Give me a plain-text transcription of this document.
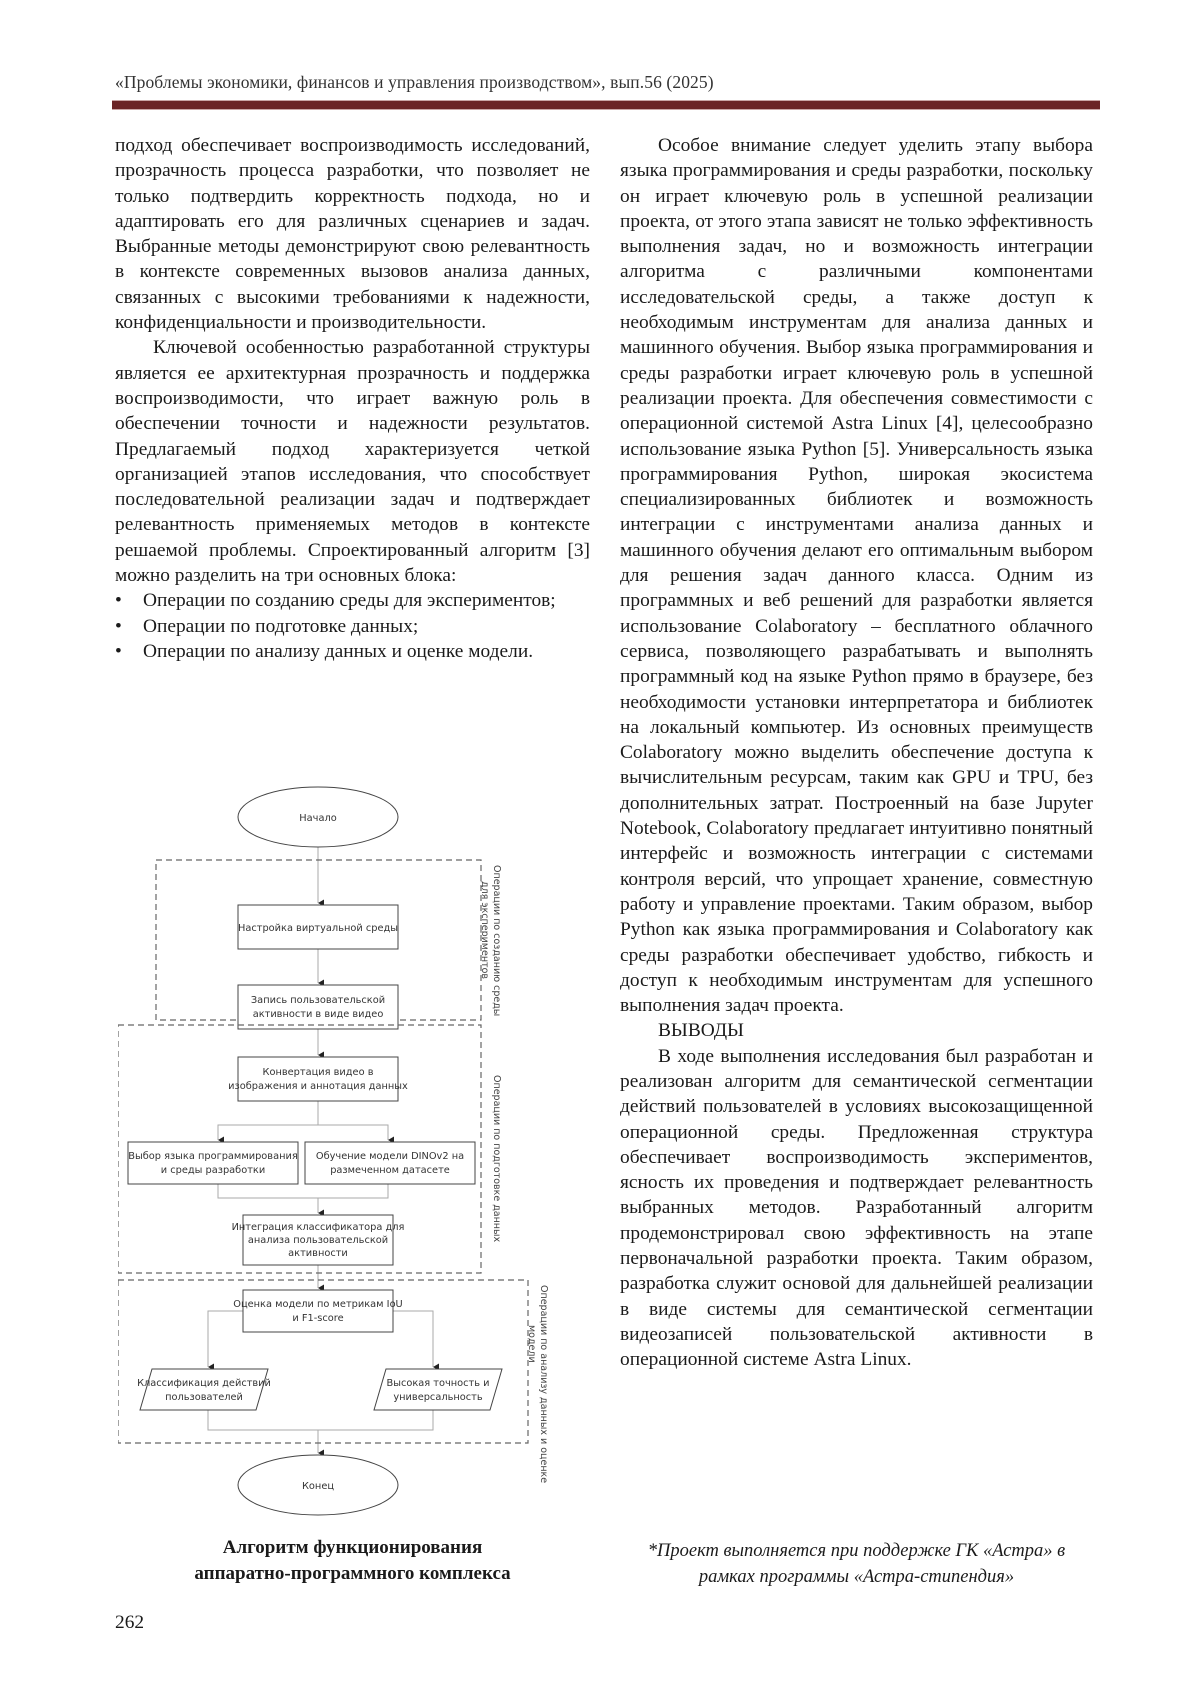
«Проблемы экономики, финансов и управления производством», вып.56 (2025)

подход обеспечивает воспроизводимость исследований, прозрачность процесса разработки, что позволяет не только подтвердить корректность подхода, но и адаптировать его для различных сценариев и задач. Выбранные методы демонстрируют свою релевантность в контексте современных вызовов анализа данных, связанных с высокими требованиями к надежности, конфиденциальности и производительности.

Ключевой особенностью разработанной структуры является ее архитектурная прозрачность и поддержка воспроизводимости, что играет важную роль в обеспечении точности и надежности результатов. Предлагаемый подход характеризуется четкой организацией этапов исследования, что способствует последовательной реализации задач и подтверждает релевантность применяемых методов в контексте решаемой проблемы. Спроектированный алгоритм [3] можно разделить на три основных блока:

• Операции по созданию среды для экспериментов;
• Операции по подготовке данных;
• Операции по анализу данных и оценке модели.
Начало
Операции по созданию среды
для экспериментов
Настройка виртуальной среды
Запись пользовательской
активности в виде видео
Операции по подготовке данных
Конвертация видео в
изображения и аннотация данных
Выбор языка программирования
и среды разработки
Обучение модели DINOv2 на
размеченном датасете
Интеграция классификатора для
анализа пользовательской
активности
Операции по анализу данных и оценке
модели
Оценка модели по метрикам IoU
и F1-score
Классификация действий
пользователей
Высокая точность и
универсальность
Конец
Алгоритм функционирования
аппаратно-программного комплекса

Особое внимание следует уделить этапу выбора языка программирования и среды разработки, поскольку он играет ключевую роль в успешной реализации проекта, от этого этапа зависят не только эффективность выполнения задач, но и возможность интеграции алгоритма с различными компонентами исследовательской среды, а также доступ к необходимым инструментам для анализа данных и машинного обучения. Выбор языка программирования и среды разработки играет ключевую роль в успешной реализации проекта. Для обеспечения совместимости с операционной системой Astra Linux [4], целесообразно использование языка Python [5]. Универсальность языка программирования Python, широкая экосистема специализированных библиотек и возможность интеграции с инструментами анализа данных и машинного обучения делают его оптимальным выбором для решения задач данного класса. Одним из программных и веб решений для разработки является использование Colaboratory – бесплатного облачного сервиса, позволяющего разрабатывать и выполнять программный код на языке Python прямо в браузере, без необходимости установки интерпретатора и библиотек на локальный компьютер. Из основных преимуществ Colaboratory можно выделить обеспечение доступа к вычислительным ресурсам, таким как GPU и TPU, без дополнительных затрат. Построенный на базе Jupyter Notebook, Colaboratory предлагает интуитивно понятный интерфейс и возможность интеграции с системами контроля версий, что упрощает хранение, совместную работу и управление проектами. Таким образом, выбор Python как языка программирования и Colaboratory как среды разработки обеспечивает удобство, гибкость и доступ к необходимым инструментам для успешного выполнения задач проекта.

ВЫВОДЫ

В ходе выполнения исследования был разработан и реализован алгоритм для семантической сегментации действий пользователей в условиях высокозащищенной операционной среды. Предложенная структура обеспечивает воспроизводимость экспериментов, ясность их проведения и подтверждает релевантность выбранных методов. Разработанный алгоритм продемонстрировал свою эффективность на этапе первоначальной разработки проекта. Таким образом, разработка служит основой для дальнейшей реализации в виде системы для семантической сегментации видеозаписей пользовательской активности в операционной системе Astra Linux.

*Проект выполняется при поддержке ГК «Астра» в рамках программы «Астра-стипендия»
262
